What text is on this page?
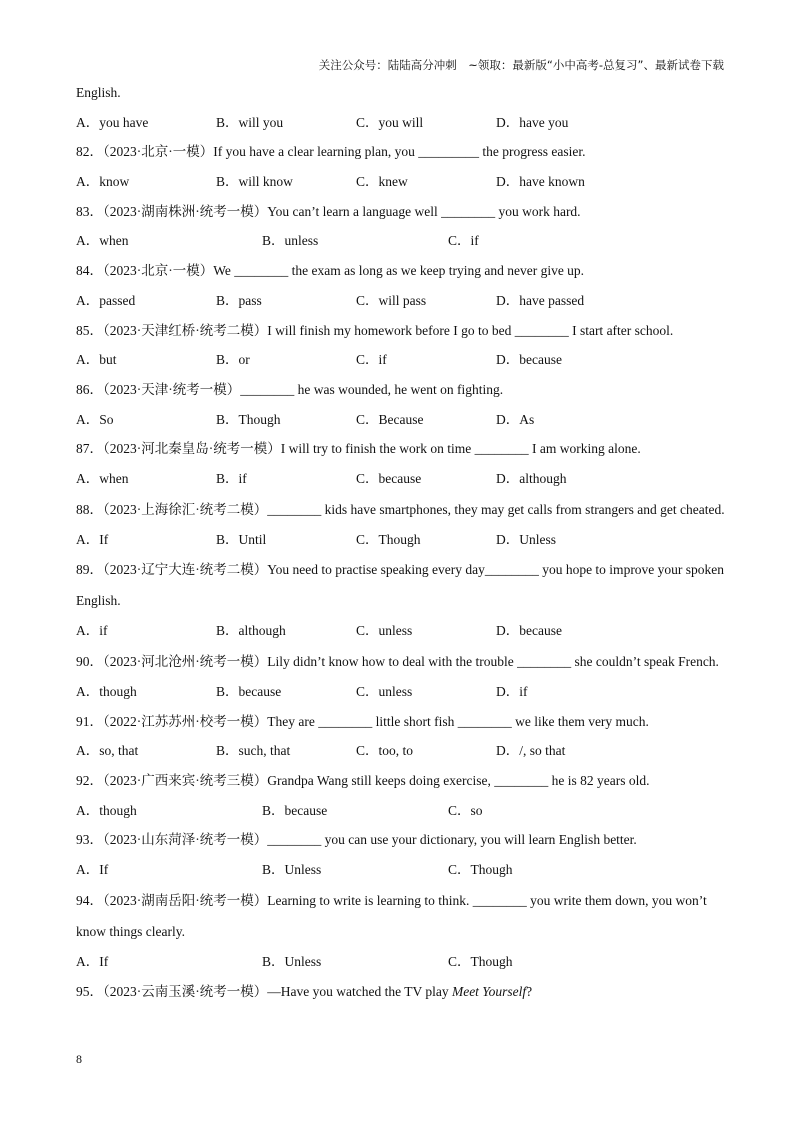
关注公众号：陆陆高分冲刺　~领取：最新版“小中高考-总复习”、最新试卷下载
English.
A．you have	B．will you	C．you will	D．have you
82．（2023·北京·一模）If you have a clear learning plan, you _________ the progress easier.
A．know	B．will know	C．knew	D．have known
83．（2023·湖南株洲·统考一模）You can’t learn a language well ________ you work hard.
A．when	B．unless	C．if
84．（2023·北京·一模）We ________ the exam as long as we keep trying and never give up.
A．passed	B．pass	C．will pass	D．have passed
85．（2023·天津红桥·统考二模）I will finish my homework before I go to bed ________ I start after school.
A．but	B．or	C．if	D．because
86．（2023·天津·统考一模）________ he was wounded, he went on fighting.
A．So	B．Though	C．Because	D．As
87．（2023·河北秦皇岛·统考一模）I will try to finish the work on time ________ I am working alone.
A．when	B．if	C．because	D．although
88．（2023·上海徐汇·统考二模）________ kids have smartphones, they may get calls from strangers and get cheated.
A．If	B．Until	C．Though	D．Unless
89．（2023·辽宁大连·统考二模）You need to practise speaking every day________ you hope to improve your spoken English.
A．if	B．although	C．unless	D．because
90．（2023·河北沧州·统考一模）Lily didn’t know how to deal with the trouble ________ she couldn’t speak French.
A．though	B．because	C．unless	D．if
91．（2022·江苏苏州·校考一模）They are ________ little short fish ________ we like them very much.
A．so, that	B．such, that	C．too, to	D．/, so that
92．（2023·广西来宾·统考三模）Grandpa Wang still keeps doing exercise, ________ he is 82 years old.
A．though	B．because	C．so
93．（2023·山东菏泽·统考一模）________ you can use your dictionary, you will learn English better.
A．If	B．Unless	C．Though
94．（2023·湖南岳阳·统考一模）Learning to write is learning to think. ________ you write them down, you won’t know things clearly.
A．If	B．Unless	C．Though
95．（2023·云南玉溪·统考一模）—Have you watched the TV play Meet Yourself?
8
